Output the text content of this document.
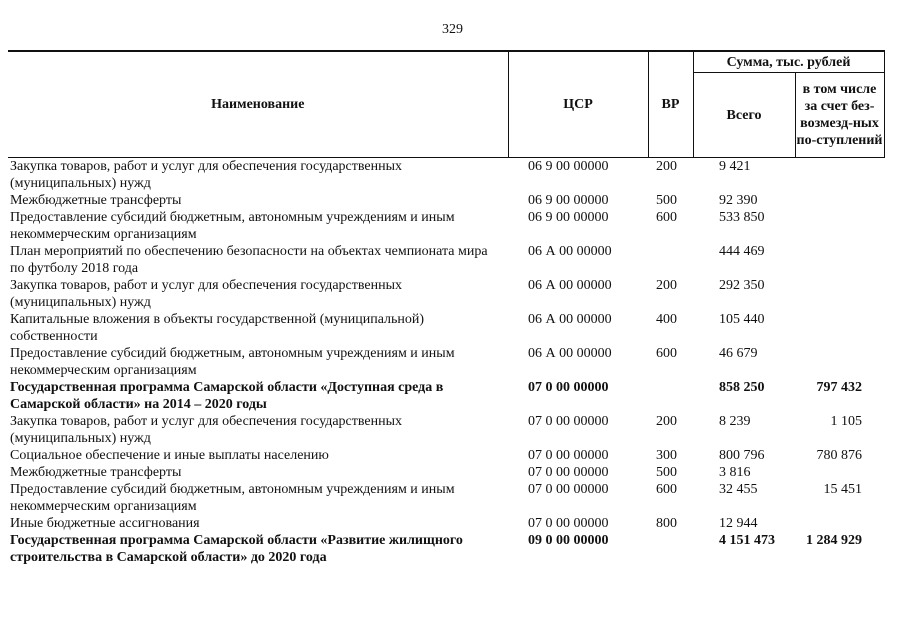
329
Наименование	ЦСР	ВР	Сумма, тыс. рублей	
			Всего	в том числе за счет без-возмезд-ных по-ступлений
Закупка товаров, работ и услуг для обеспечения государственных (муниципальных) нужд	06 9 00 00000	200	9 421	
Межбюджетные трансферты	06 9 00 00000	500	92 390	
Предоставление субсидий бюджетным, автономным учреждениям и иным некоммерческим организациям	06 9 00 00000	600	533 850	
План мероприятий по обеспечению безопасности на объектах чемпионата мира по футболу 2018 года	06 А 00 00000		444 469	
Закупка товаров, работ и услуг для обеспечения государственных (муниципальных) нужд	06 А 00 00000	200	292 350	
Капитальные вложения в объекты государственной (муниципальной) собственности	06 А 00 00000	400	105 440	
Предоставление субсидий бюджетным, автономным учреждениям и иным некоммерческим организациям	06 А 00 00000	600	46 679	
Государственная программа Самарской области «Доступная среда в Самарской области» на 2014 – 2020 годы	07 0 00 00000		858 250	797 432
Закупка товаров, работ и услуг для обеспечения государственных (муниципальных) нужд	07 0 00 00000	200	8 239	1 105
Социальное обеспечение и иные выплаты населению	07 0 00 00000	300	800 796	780 876
Межбюджетные трансферты	07 0 00 00000	500	3 816	
Предоставление субсидий бюджетным, автономным учреждениям и иным некоммерческим организациям	07 0 00 00000	600	32 455	15 451
Иные бюджетные ассигнования	07 0 00 00000	800	12 944	
Государственная программа Самарской области «Развитие жилищного строительства в Самарской области» до 2020 года	09 0 00 00000		4 151 473	1 284 929
